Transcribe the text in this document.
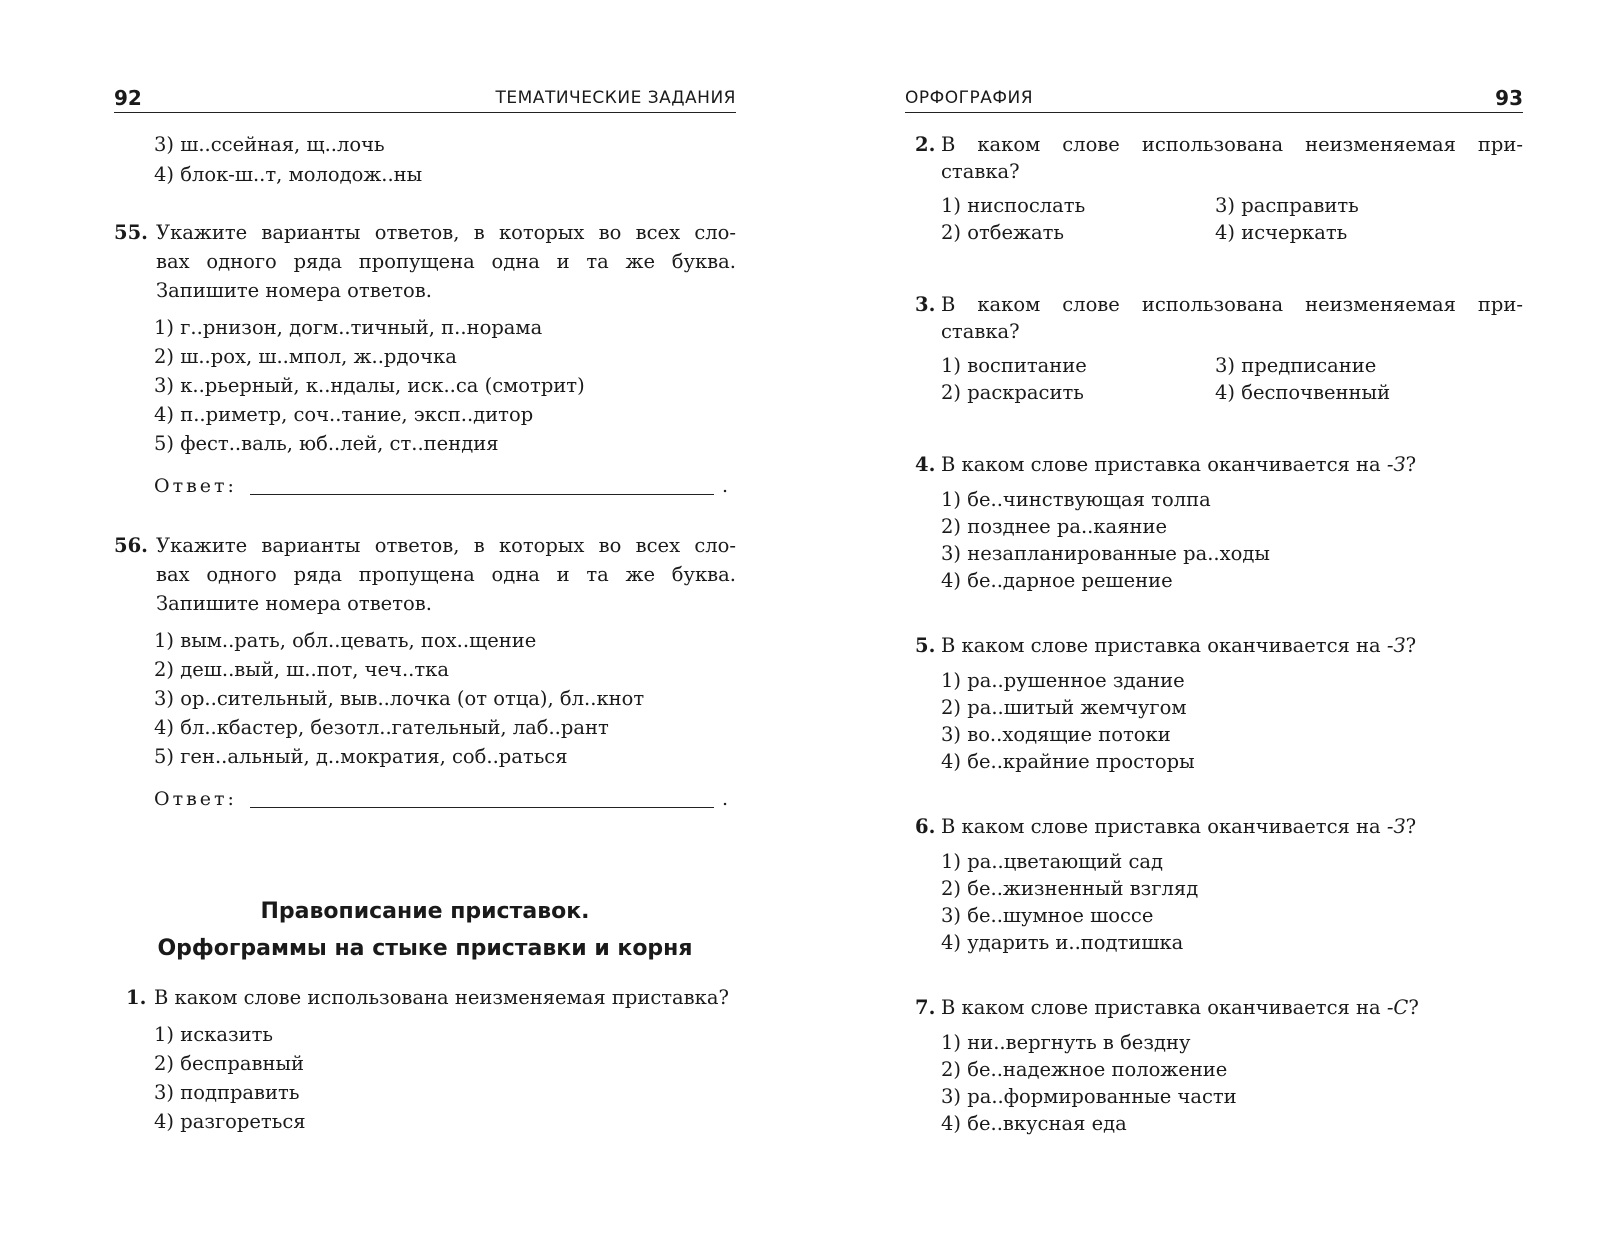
92	ТЕМАТИЧЕСКИЕ ЗАДАНИЯ
3) ш..ссейная, щ..лочь
4) блок-ш..т, молодож..ны
55. Укажите варианты ответов, в которых во всех сло-
вах одного ряда пропущена одна и та же буква.
Запишите номера ответов.
1) г..рнизон, догм..тичный, п..норама
2) ш..рох, ш..мпол, ж..рдочка
3) к..рьерный, к..ндалы, иск..са (смотрит)
4) п..риметр, соч..тание, эксп..дитор
5) фест..валь, юб..лей, ст..пендия
Ответ:	.
56. Укажите варианты ответов, в которых во всех сло-
вах одного ряда пропущена одна и та же буква.
Запишите номера ответов.
1) вым..рать, обл..цевать, пох..щение
2) деш..вый, ш..пот, чеч..тка
3) ор..сительный, выв..лочка (от отца), бл..кнот
4) бл..кбастер, безотл..гательный, лаб..рант
5) ген..альный, д..мократия, соб..раться
Ответ:	.
Правописание приставок.
Орфограммы на стыке приставки и корня
1. В каком слове использована неизменяемая приставка?
1) исказить
2) бесправный
3) подправить
4) разгореться
ОРФОГРАФИЯ	93
2. В каком слове использована неизменяемая при-
ставка?
1) ниспослать	3) расправить
2) отбежать	4) исчеркать
3. В каком слове использована неизменяемая при-
ставка?
1) воспитание	3) предписание
2) раскрасить	4) беспочвенный
4. В каком слове приставка оканчивается на -З?
1) бе..чинствующая толпа
2) позднее ра..каяние
3) незапланированные ра..ходы
4) бе..дарное решение
5. В каком слове приставка оканчивается на -З?
1) ра..рушенное здание
2) ра..шитый жемчугом
3) во..ходящие потоки
4) бе..крайние просторы
6. В каком слове приставка оканчивается на -З?
1) ра..цветающий сад
2) бе..жизненный взгляд
3) бе..шумное шоссе
4) ударить и..подтишка
7. В каком слове приставка оканчивается на -С?
1) ни..вергнуть в бездну
2) бе..надежное положение
3) ра..формированные части
4) бе..вкусная еда
